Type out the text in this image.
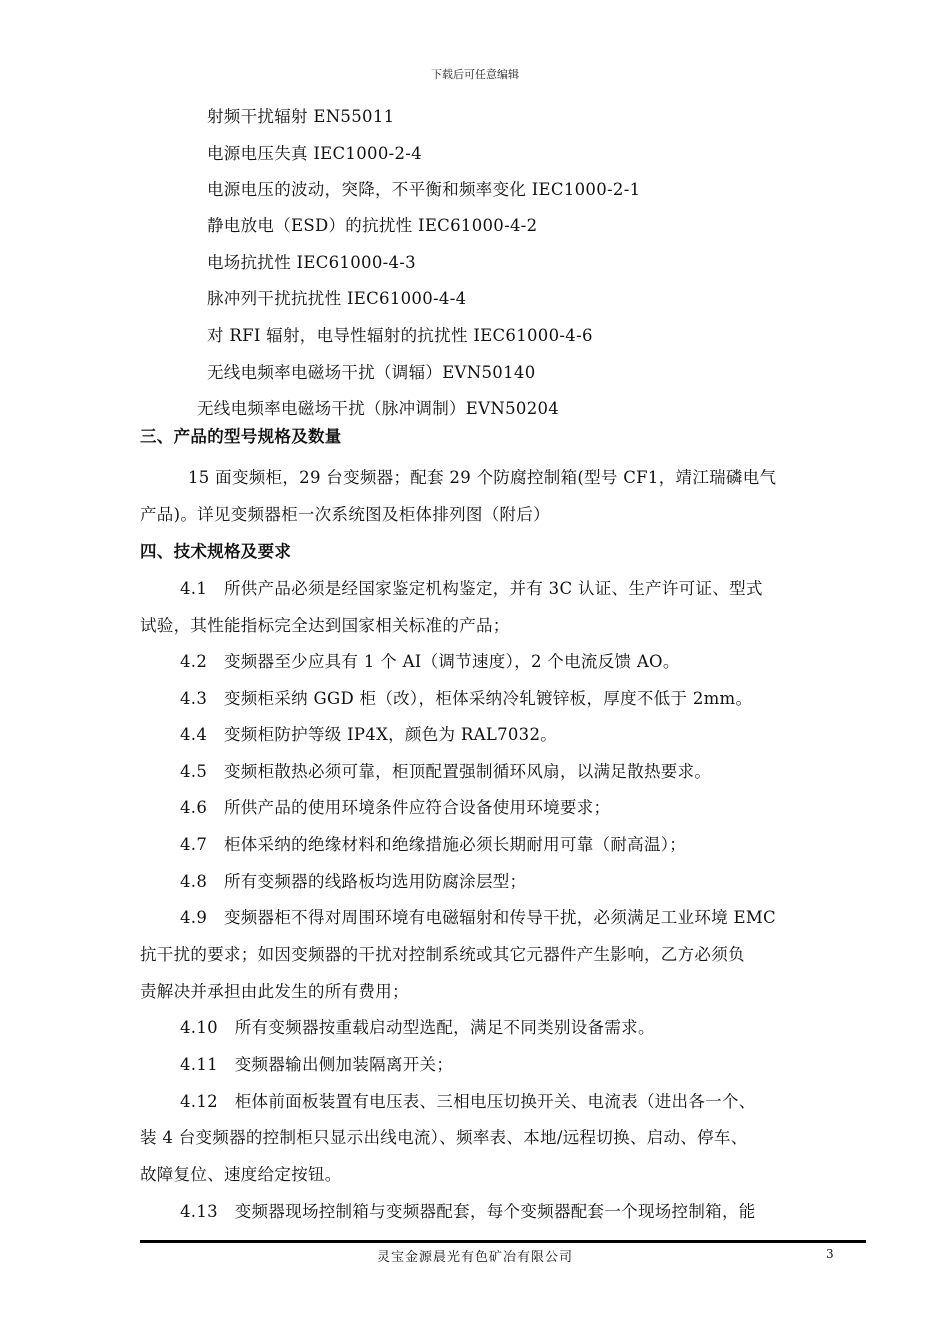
下载后可任意编辑
射频干扰辐射 EN55011
电源电压失真 IEC1000-2-4
电源电压的波动，突降，不平衡和频率变化 IEC1000-2-1
静电放电（ESD）的抗扰性 IEC61000-4-2
电场抗扰性 IEC61000-4-3
脉冲列干扰抗扰性 IEC61000-4-4
对 RFI 辐射，电导性辐射的抗扰性 IEC61000-4-6
无线电频率电磁场干扰（调辐）EVN50140
无线电频率电磁场干扰（脉冲调制）EVN50204
三、产品的型号规格及数量
15 面变频柜，29 台变频器；配套 29 个防腐控制箱(型号 CF1，靖江瑞磷电气
产品)。详见变频器柜一次系统图及柜体排列图（附后）
四、技术规格及要求
4.1　所供产品必须是经国家鉴定机构鉴定，并有 3C 认证、生产许可证、型式
试验，其性能指标完全达到国家相关标准的产品；
4.2　变频器至少应具有 1 个 AI（调节速度），2 个电流反馈 AO。
4.3　变频柜采纳 GGD 柜（改），柜体采纳冷轧镀锌板，厚度不低于 2mm。
4.4　变频柜防护等级 IP4X，颜色为 RAL7032。
4.5　变频柜散热必须可靠，柜顶配置强制循环风扇，以满足散热要求。
4.6　所供产品的使用环境条件应符合设备使用环境要求；
4.7　柜体采纳的绝缘材料和绝缘措施必须长期耐用可靠（耐高温）；
4.8　所有变频器的线路板均选用防腐涂层型；
4.9　变频器柜不得对周围环境有电磁辐射和传导干扰，必须满足工业环境 EMC
抗干扰的要求；如因变频器的干扰对控制系统或其它元器件产生影响，乙方必须负
责解决并承担由此发生的所有费用；
4.10　所有变频器按重载启动型选配，满足不同类别设备需求。
4.11　变频器输出侧加装隔离开关；
4.12　柜体前面板装置有电压表、三相电压切换开关、电流表（进出各一个、
装 4 台变频器的控制柜只显示出线电流）、频率表、本地/远程切换、启动、停车、
故障复位、速度给定按钮。
4.13　变频器现场控制箱与变频器配套，每个变频器配套一个现场控制箱，能
灵宝金源晨光有色矿冶有限公司	3
